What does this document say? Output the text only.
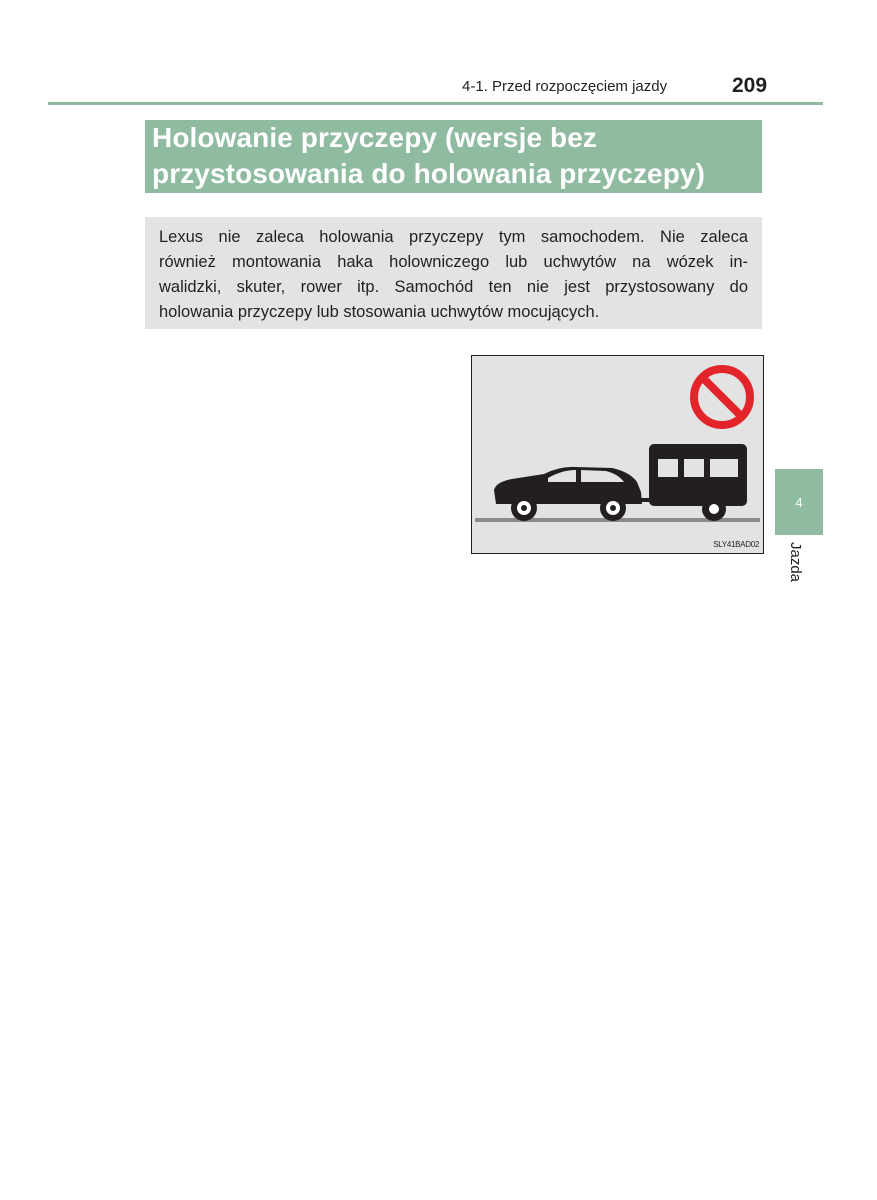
4-1. Przed rozpoczęciem jazdy	209
Holowanie przyczepy (wersje bez
przystosowania do holowania przyczepy)
Lexus nie zaleca holowania przyczepy tym samochodem. Nie zaleca
również montowania haka holowniczego lub uchwytów na wózek in-
walidzki, skuter, rower itp. Samochód ten nie jest przystosowany do
holowania przyczepy lub stosowania uchwytów mocujących.
SLY41BAD02
4
Jazda
